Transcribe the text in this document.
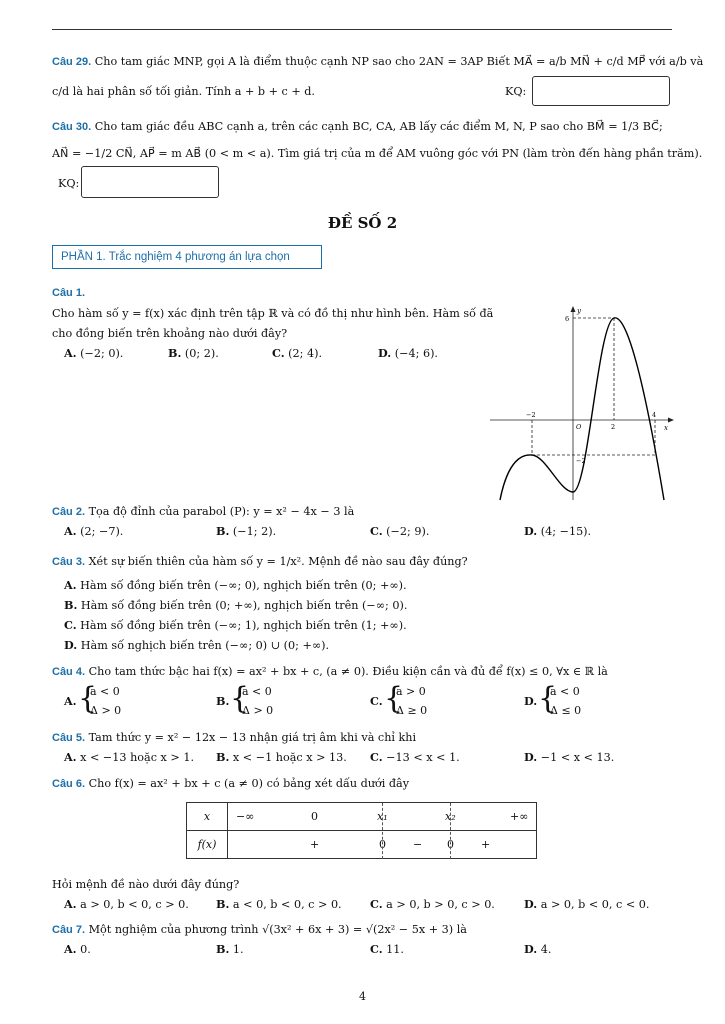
Câu 29. Cho tam giác MNP, gọi A là điểm thuộc cạnh NP sao cho 2AN = 3AP Biết MA⃗ = a/b MN⃗ + c/d MP⃗ với a/b và
c/d là hai phân số tối giản. Tính a + b + c + d.	KQ:
Câu 30. Cho tam giác đều ABC cạnh a, trên các cạnh BC, CA, AB lấy các điểm M, N, P sao cho BM⃗ = 1/3 BC⃗;
AN⃗ = −1/2 CN⃗, AP⃗ = m AB⃗ (0 < m < a). Tìm giá trị của m để AM vuông góc với PN (làm tròn đến hàng phần trăm).
KQ:
ĐỀ SỐ 2
PHẦN 1. Trắc nghiệm 4 phương án lựa chọn
Câu 1.
Cho hàm số y = f(x) xác định trên tập ℝ và có đồ thị như hình bên. Hàm số đã
cho đồng biến trên khoảng nào dưới đây?
A. (−2; 0).	B. (0; 2).	C. (2; 4).	D. (−4; 6).
y
x
O
6
−2
2
4
−2
Câu 2. Tọa độ đỉnh của parabol (P): y = x² − 4x − 3 là
A. (2; −7).	B. (−1; 2).	C. (−2; 9).	D. (4; −15).
Câu 3. Xét sự biến thiên của hàm số y = 1/x². Mệnh đề nào sau đây đúng?
A. Hàm số đồng biến trên (−∞; 0), nghịch biến trên (0; +∞).
B. Hàm số đồng biến trên (0; +∞), nghịch biến trên (−∞; 0).
C. Hàm số đồng biến trên (−∞; 1), nghịch biến trên (1; +∞).
D. Hàm số nghịch biến trên (−∞; 0) ∪ (0; +∞).
Câu 4. Cho tam thức bậc hai f(x) = ax² + bx + c, (a ≠ 0). Điều kiện cần và đủ để f(x) ≤ 0, ∀x ∈ ℝ là
A. {
a < 0
Δ > 0
B. {
a < 0
Δ > 0
C. {
a > 0
Δ ≥ 0
D. {
a < 0
Δ ≤ 0
Câu 5. Tam thức y = x² − 12x − 13 nhận giá trị âm khi và chỉ khi
A. x < −13 hoặc x > 1. B. x < −1 hoặc x > 13. C. −13 < x < 1.	D. −1 < x < 13.
Câu 6. Cho f(x) = ax² + bx + c (a ≠ 0) có bảng xét dấu dưới đây
x	−∞ 0 x₁ x₂ +∞

f(x)	+ 0 − 0 +
Hỏi mệnh đề nào dưới đây đúng?
A. a > 0, b < 0, c > 0. B. a < 0, b < 0, c > 0.	C. a > 0, b > 0, c > 0.	D. a > 0, b < 0, c < 0.
Câu 7. Một nghiệm của phương trình √(3x² + 6x + 3) = √(2x² − 5x + 3) là
A. 0.	B. 1.	C. 11.	D. 4.
4
